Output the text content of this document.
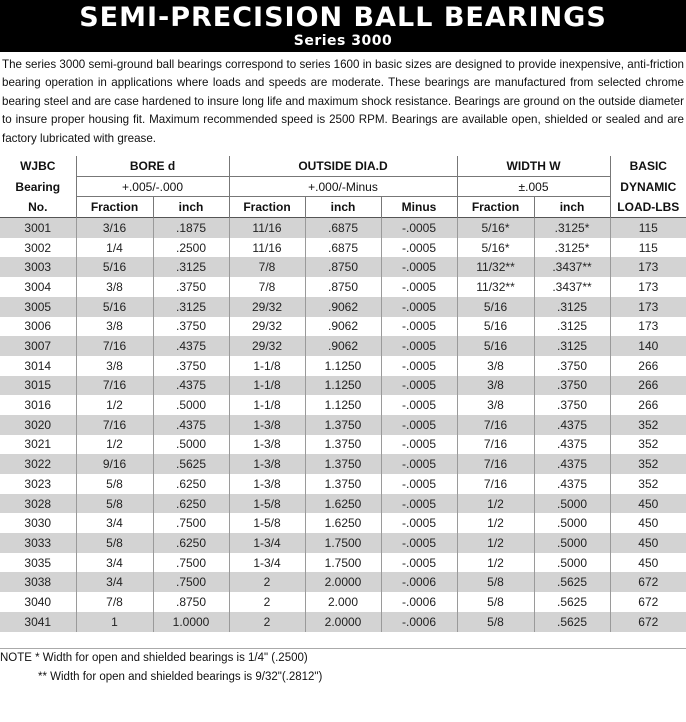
SEMI-PRECISION BALL BEARINGS
Series 3000
The series 3000 semi-ground ball bearings correspond to series 1600 in basic sizes are designed to provide inexpensive, anti-friction bearing operation in applications where loads and speeds are moderate. These bearings are manufactured from selected chrome bearing steel and are case hardened to insure long life and maximum shock resistance. Bearings are ground on the outside diameter to insure proper housing fit. Maximum recommended speed is 2500 RPM. Bearings are available open, shielded or sealed and are factory lubricated with grease.
WJBC	BORE d		OUTSIDE DIA.D			WIDTH W		BASIC
Bearing	+.005/-.000		+.000/-Minus			±.005		DYNAMIC
No.	Fraction	inch	Fraction	inch	Minus	Fraction	inch	LOAD-LBS
3001	3/16	.1875	11/16	.6875	-.0005	5/16*	.3125*	115
3002	1/4	.2500	11/16	.6875	-.0005	5/16*	.3125*	115
3003	5/16	.3125	7/8	.8750	-.0005	11/32**	.3437**	173
3004	3/8	.3750	7/8	.8750	-.0005	11/32**	.3437**	173
3005	5/16	.3125	29/32	.9062	-.0005	5/16	.3125	173
3006	3/8	.3750	29/32	.9062	-.0005	5/16	.3125	173
3007	7/16	.4375	29/32	.9062	-.0005	5/16	.3125	140
3014	3/8	.3750	1-1/8	1.1250	-.0005	3/8	.3750	266
3015	7/16	.4375	1-1/8	1.1250	-.0005	3/8	.3750	266
3016	1/2	.5000	1-1/8	1.1250	-.0005	3/8	.3750	266
3020	7/16	.4375	1-3/8	1.3750	-.0005	7/16	.4375	352
3021	1/2	.5000	1-3/8	1.3750	-.0005	7/16	.4375	352
3022	9/16	.5625	1-3/8	1.3750	-.0005	7/16	.4375	352
3023	5/8	.6250	1-3/8	1.3750	-.0005	7/16	.4375	352
3028	5/8	.6250	1-5/8	1.6250	-.0005	1/2	.5000	450
3030	3/4	.7500	1-5/8	1.6250	-.0005	1/2	.5000	450
3033	5/8	.6250	1-3/4	1.7500	-.0005	1/2	.5000	450
3035	3/4	.7500	1-3/4	1.7500	-.0005	1/2	.5000	450
3038	3/4	.7500	2	2.0000	-.0006	5/8	.5625	672
3040	7/8	.8750	2	2.000	-.0006	5/8	.5625	672
3041	1	1.0000	2	2.0000	-.0006	5/8	.5625	672
NOTE * Width for open and shielded bearings is 1/4" (.2500)
** Width for open and shielded bearings is 9/32"(.2812")
